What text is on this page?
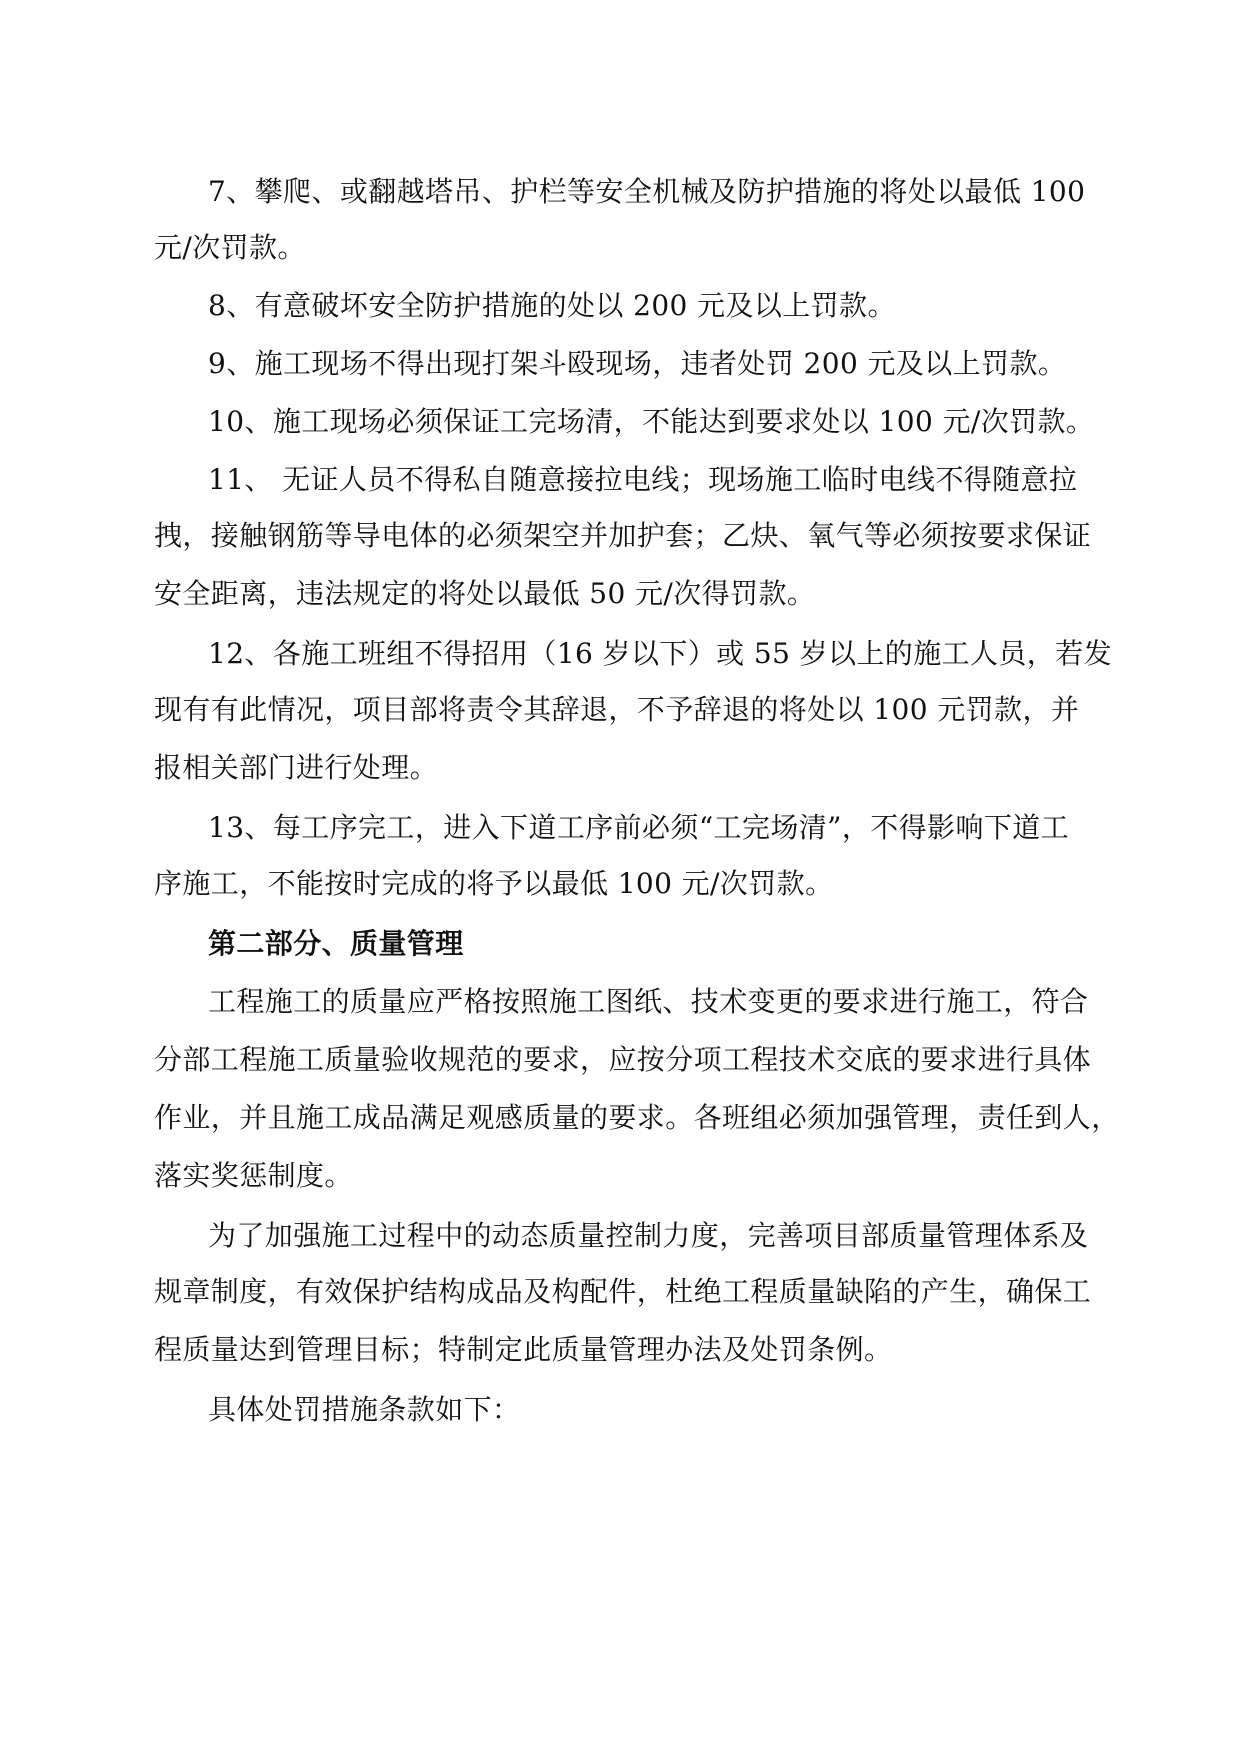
7、攀爬、或翻越塔吊、护栏等安全机械及防护措施的将处以最低 100
元/次罚款。
8、有意破坏安全防护措施的处以 200 元及以上罚款。
9、施工现场不得出现打架斗殴现场，违者处罚 200 元及以上罚款。
10、施工现场必须保证工完场清，不能达到要求处以 100 元/次罚款。
11、 无证人员不得私自随意接拉电线；现场施工临时电线不得随意拉
拽，接触钢筋等导电体的必须架空并加护套；乙炔、氧气等必须按要求保证
安全距离，违法规定的将处以最低 50 元/次得罚款。
12、各施工班组不得招用（16 岁以下）或 55 岁以上的施工人员，若发
现有有此情况，项目部将责令其辞退，不予辞退的将处以 100 元罚款，并
报相关部门进行处理。
13、每工序完工，进入下道工序前必须“工完场清”，不得影响下道工
序施工，不能按时完成的将予以最低 100 元/次罚款。
第二部分、质量管理
工程施工的质量应严格按照施工图纸、技术变更的要求进行施工，符合
分部工程施工质量验收规范的要求，应按分项工程技术交底的要求进行具体
作业，并且施工成品满足观感质量的要求。各班组必须加强管理，责任到人，
落实奖惩制度。
为了加强施工过程中的动态质量控制力度，完善项目部质量管理体系及
规章制度，有效保护结构成品及构配件，杜绝工程质量缺陷的产生，确保工
程质量达到管理目标；特制定此质量管理办法及处罚条例。
具体处罚措施条款如下：
